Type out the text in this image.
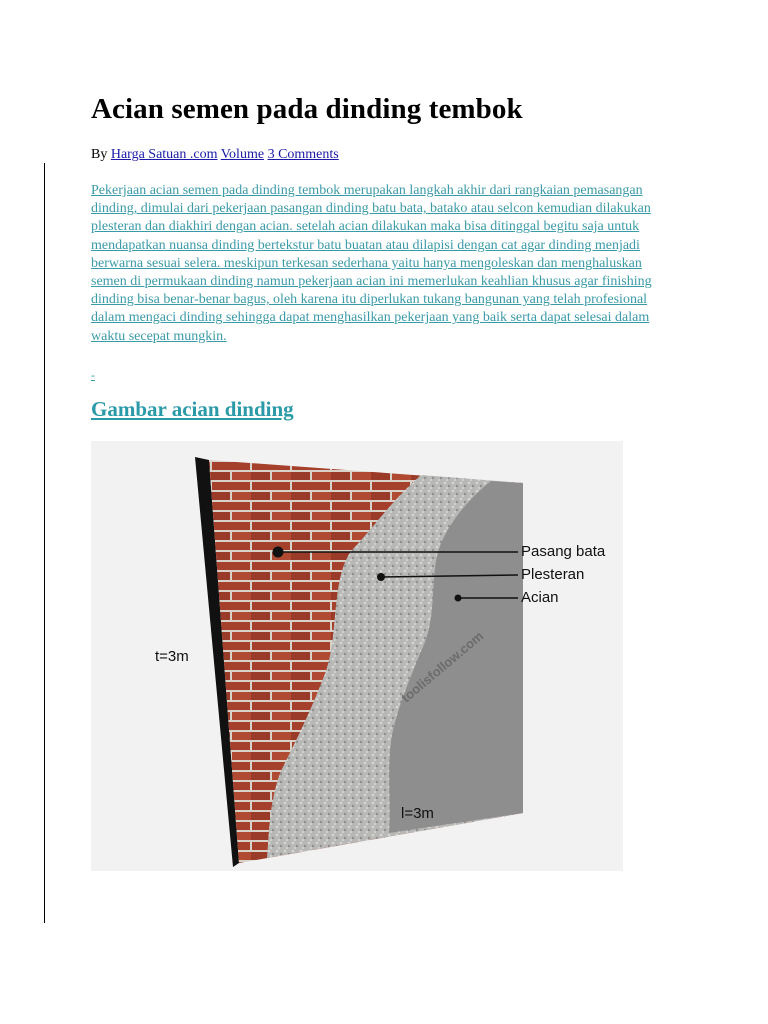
Acian semen pada dinding tembok
By Harga Satuan .com Volume 3 Comments
Pekerjaan acian semen pada dinding tembok merupakan langkah akhir dari rangkaian pemasangan dinding, dimulai dari pekerjaan pasangan dinding batu bata, batako atau selcon kemudian dilakukan plesteran dan diakhiri dengan acian. setelah acian dilakukan maka bisa ditinggal begitu saja untuk mendapatkan nuansa dinding bertekstur batu buatan atau dilapisi dengan cat agar dinding menjadi berwarna sesuai selera. meskipun terkesan sederhana yaitu hanya mengoleskan dan menghaluskan semen di permukaan dinding namun pekerjaan acian ini memerlukan keahlian khusus agar finishing dinding bisa benar-benar bagus, oleh karena itu diperlukan tukang bangunan yang telah profesional dalam mengaci dinding sehingga dapat menghasilkan pekerjaan yang baik serta dapat selesai dalam waktu secepat mungkin.
-
Gambar acian dinding
toolisfollow.com
Pasang bata
Plesteran
Acian
t=3m
l=3m
